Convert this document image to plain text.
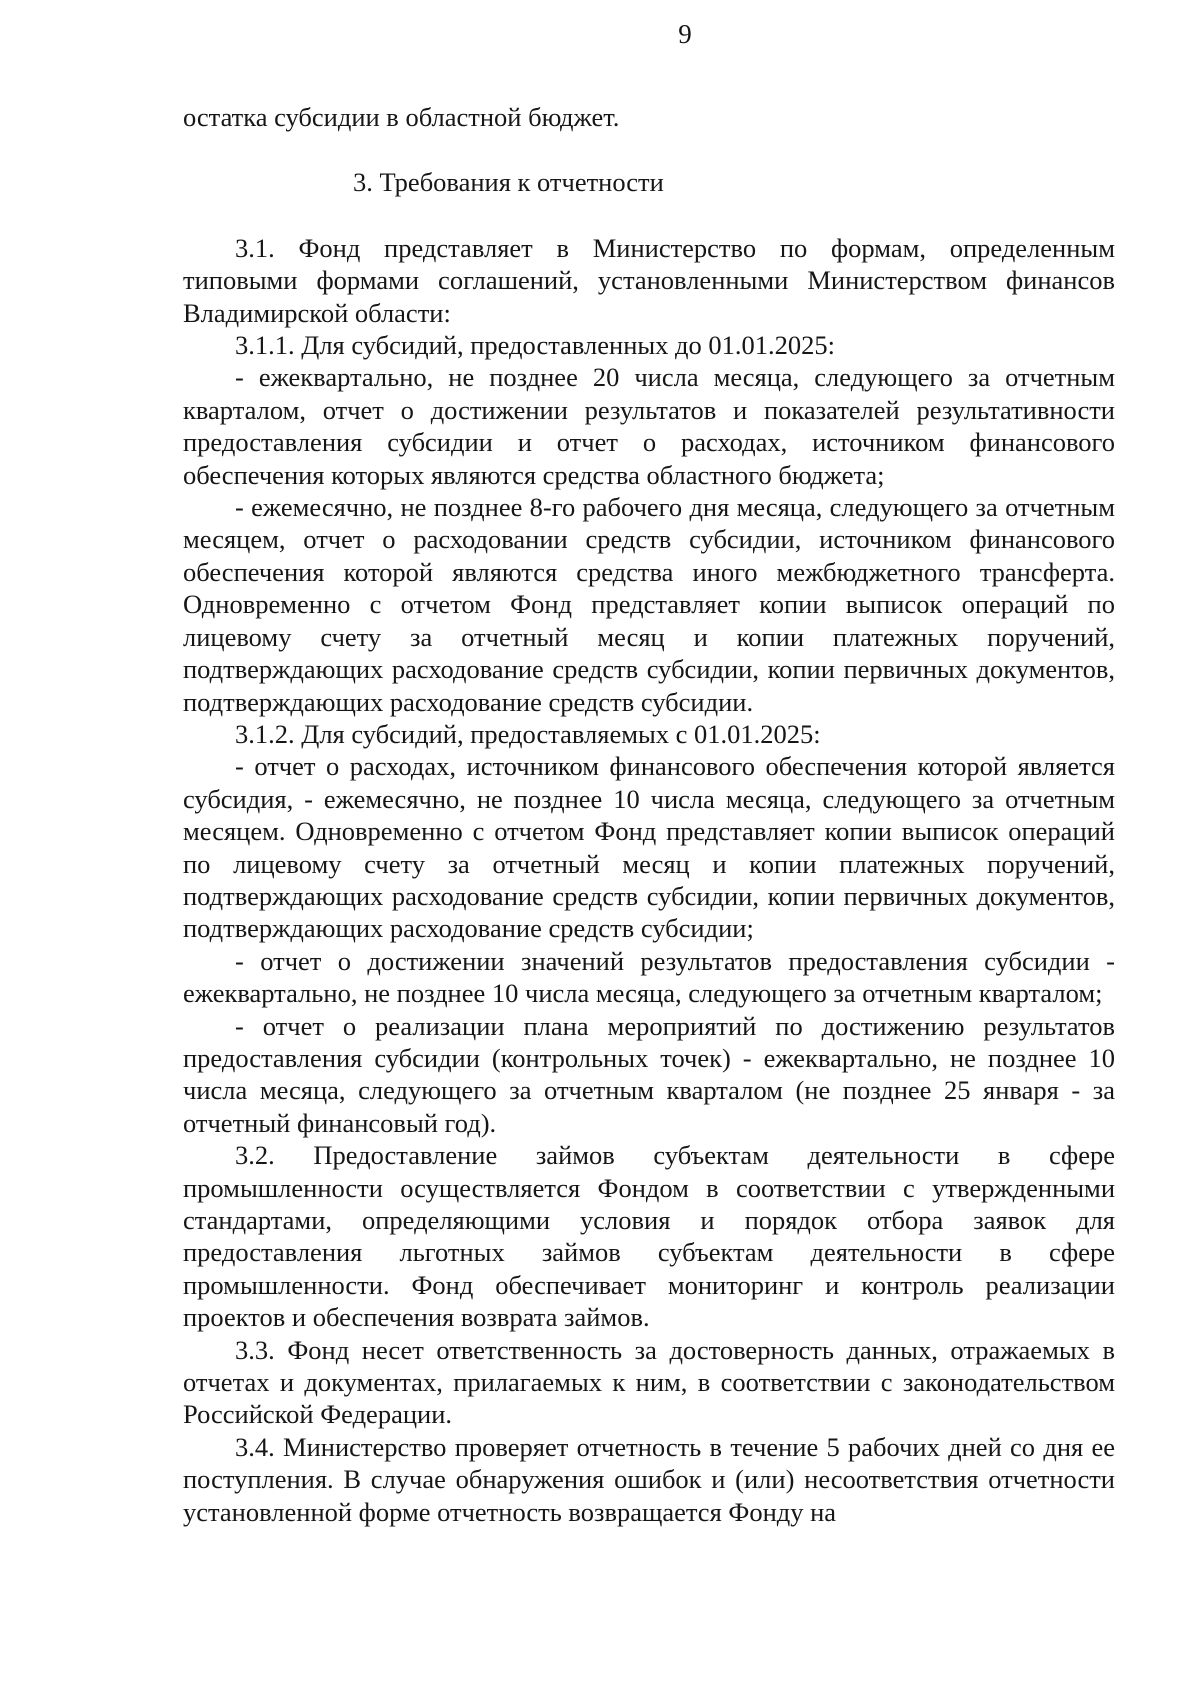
9

остатка субсидии в областной бюджет.

3. Требования к отчетности

3.1. Фонд представляет в Министерство по формам, определенным типовыми формами соглашений, установленными Министерством финансов Владимирской области:

3.1.1. Для субсидий, предоставленных до 01.01.2025:

- ежеквартально, не позднее 20 числа месяца, следующего за отчетным кварталом, отчет о достижении результатов и показателей результативности предоставления субсидии и отчет о расходах, источником финансового обеспечения которых являются средства областного бюджета;

- ежемесячно, не позднее 8-го рабочего дня месяца, следующего за отчетным месяцем, отчет о расходовании средств субсидии, источником финансового обеспечения которой являются средства иного межбюджетного трансферта. Одновременно с отчетом Фонд представляет копии выписок операций по лицевому счету за отчетный месяц и копии платежных поручений, подтверждающих расходование средств субсидии, копии первичных документов, подтверждающих расходование средств субсидии.

3.1.2. Для субсидий, предоставляемых с 01.01.2025:

- отчет о расходах, источником финансового обеспечения которой является субсидия, - ежемесячно, не позднее 10 числа месяца, следующего за отчетным месяцем. Одновременно с отчетом Фонд представляет копии выписок операций по лицевому счету за отчетный месяц и копии платежных поручений, подтверждающих расходование средств субсидии, копии первичных документов, подтверждающих расходование средств субсидии;

- отчет о достижении значений результатов предоставления субсидии - ежеквартально, не позднее 10 числа месяца, следующего за отчетным кварталом;

- отчет о реализации плана мероприятий по достижению результатов предоставления субсидии (контрольных точек) - ежеквартально, не позднее 10 числа месяца, следующего за отчетным кварталом (не позднее 25 января - за отчетный финансовый год).

3.2. Предоставление займов субъектам деятельности в сфере промышленности осуществляется Фондом в соответствии с утвержденными стандартами, определяющими условия и порядок отбора заявок для предоставления льготных займов субъектам деятельности в сфере промышленности. Фонд обеспечивает мониторинг и контроль реализации проектов и обеспечения возврата займов.

3.3. Фонд несет ответственность за достоверность данных, отражаемых в отчетах и документах, прилагаемых к ним, в соответствии с законодательством Российской Федерации.

3.4. Министерство проверяет отчетность в течение 5 рабочих дней со дня ее поступления. В случае обнаружения ошибок и (или) несоответствия отчетности установленной форме отчетность возвращается Фонду на
